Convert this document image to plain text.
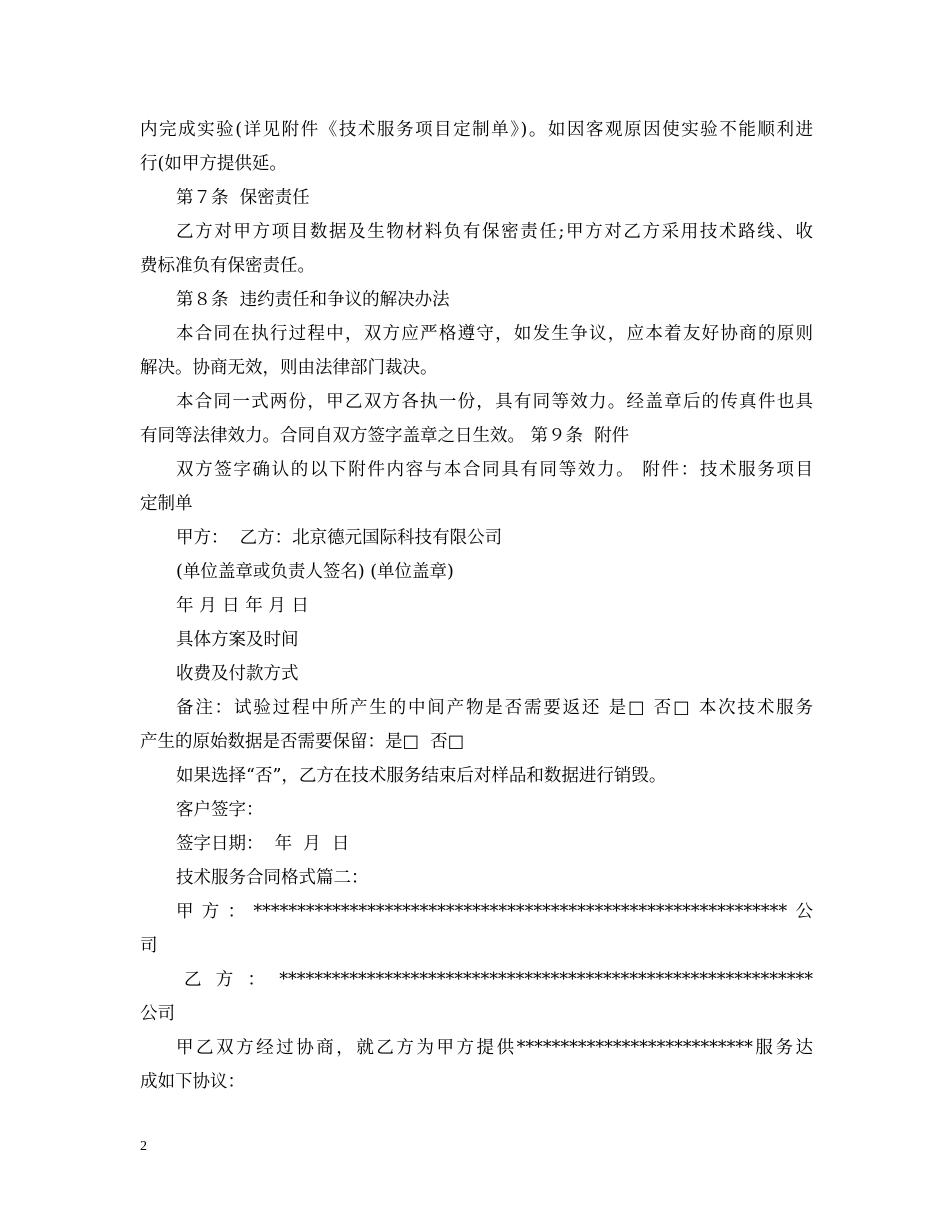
内完成实验(详见附件《技术服务项目定制单》)。如因客观原因使实验不能顺利进
行(如甲方提供延。
第７条  保密责任
乙方对甲方项目数据及生物材料负有保密责任;甲方对乙方采用技术路线、收
费标准负有保密责任。
第８条  违约责任和争议的解决办法
本合同在执行过程中，双方应严格遵守，如发生争议，应本着友好协商的原则
解决。协商无效，则由法律部门裁决。
本合同一式两份，甲乙双方各执一份，具有同等效力。经盖章后的传真件也具
有同等法律效力。合同自双方签字盖章之日生效。 第９条  附件
双方签字确认的以下附件内容与本合同具有同等效力。 附件：技术服务项目
定制单
甲方：  乙方：北京德元国际科技有限公司
(单位盖章或负责人签名) (单位盖章)
年 月 日 年 月 日
具体方案及时间
收费及付款方式
备注：试验过程中所产生的中间产物是否需要返还 是□ 否□ 本次技术服务
产生的原始数据是否需要保留：是□  否□
如果选择“否”，乙方在技术服务结束后对样品和数据进行销毁。
客户签字：
签字日期：  年  月  日
技术服务合同格式篇二：
甲方：*************************************************************公
司
乙方：*************************************************************
公司
甲乙双方经过协商，就乙方为甲方提供***************************服务达
成如下协议：
2
